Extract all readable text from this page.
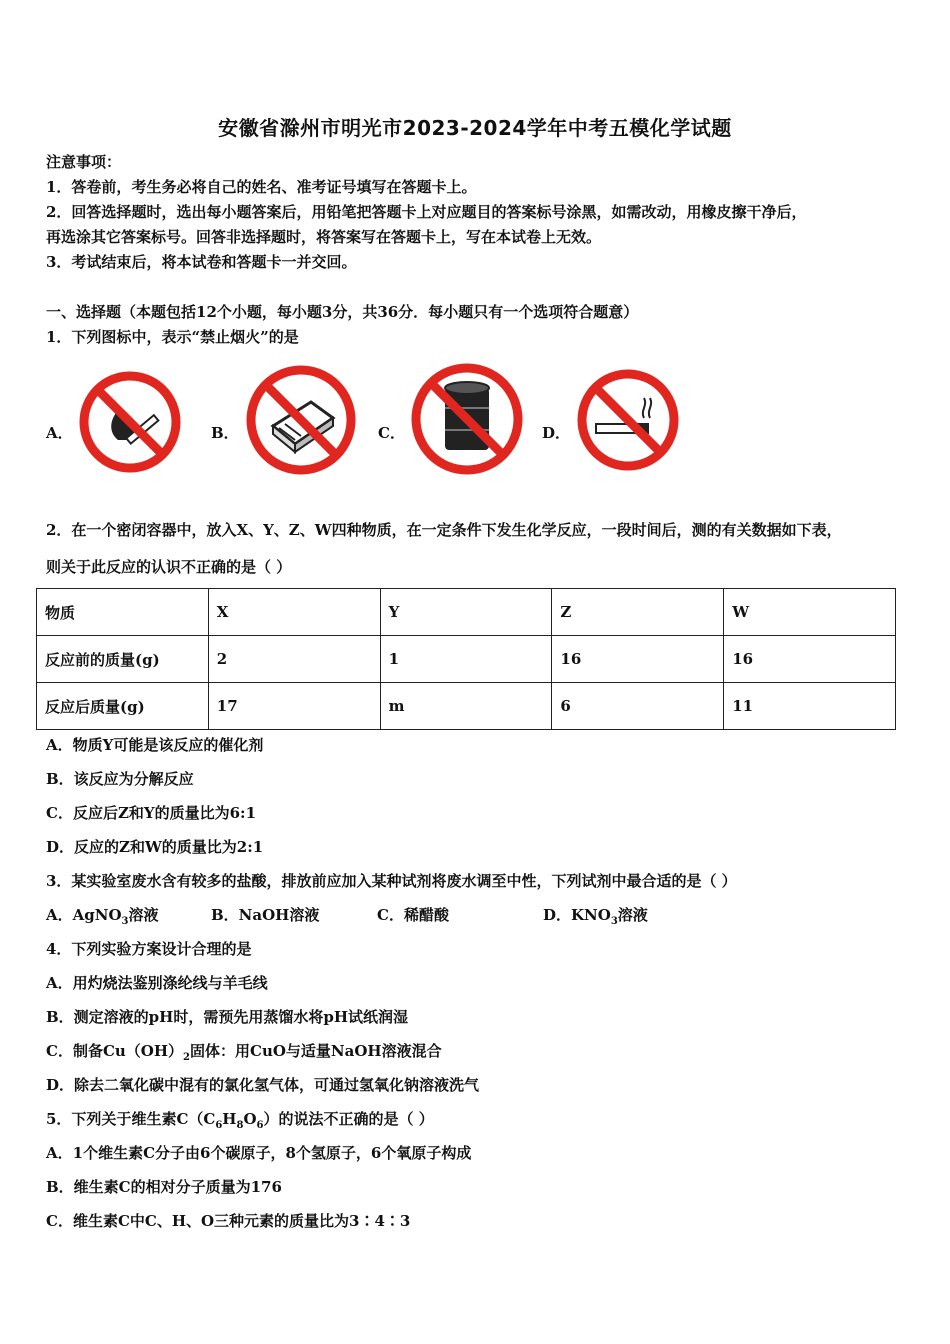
安徽省滁州市明光市2023-2024学年中考五模化学试题
注意事项：
1．答卷前，考生务必将自己的姓名、准考证号填写在答题卡上。
2．回答选择题时，选出每小题答案后，用铅笔把答题卡上对应题目的答案标号涂黑，如需改动，用橡皮擦干净后，
再选涂其它答案标号。回答非选择题时，将答案写在答题卡上，写在本试卷上无效。
3．考试结束后，将本试卷和答题卡一并交回。
一、选择题（本题包括12个小题，每小题3分，共36分．每小题只有一个选项符合题意）
1．下列图标中，表示“禁止烟火”的是
A．	B．	C．	D．
2．在一个密闭容器中，放入X、Y、Z、W四种物质，在一定条件下发生化学反应，一段时间后，测的有关数据如下表，
则关于此反应的认识不正确的是（ ）
物质	X	Y	Z	W
反应前的质量(g)	2	1	16	16
反应后质量(g)	17	m	6	11
A．物质Y可能是该反应的催化剂
B．该反应为分解反应
C．反应后Z和Y的质量比为6:1
D．反应的Z和W的质量比为2:1
3．某实验室废水含有较多的盐酸，排放前应加入某种试剂将废水调至中性，下列试剂中最合适的是（ ）
A．AgNO$_3$溶液	B．NaOH溶液	C．稀醋酸	D．$KNO_3$溶液
4．下列实验方案设计合理的是
A．用灼烧法鉴别涤纶线与羊毛线
B．测定溶液的pH时，需预先用蒸馏水将pH试纸润湿
C．制备$Cu(OH)_2$固体：用CuO与适量NaOH溶液混合
D．除去二氧化碳中混有的氯化氢气体，可通过氢氧化钠溶液洗气
5．下列关于维生素$C(C_6H_8O_6)$的说法不正确的是（ ）
A．1个维生素C分子由6个碳原子，8个氢原子，6个氧原子构成
B．维生素C的相对分子质量为176
C．维生素C中C、H、O三种元素的质量比为3∶4∶3
